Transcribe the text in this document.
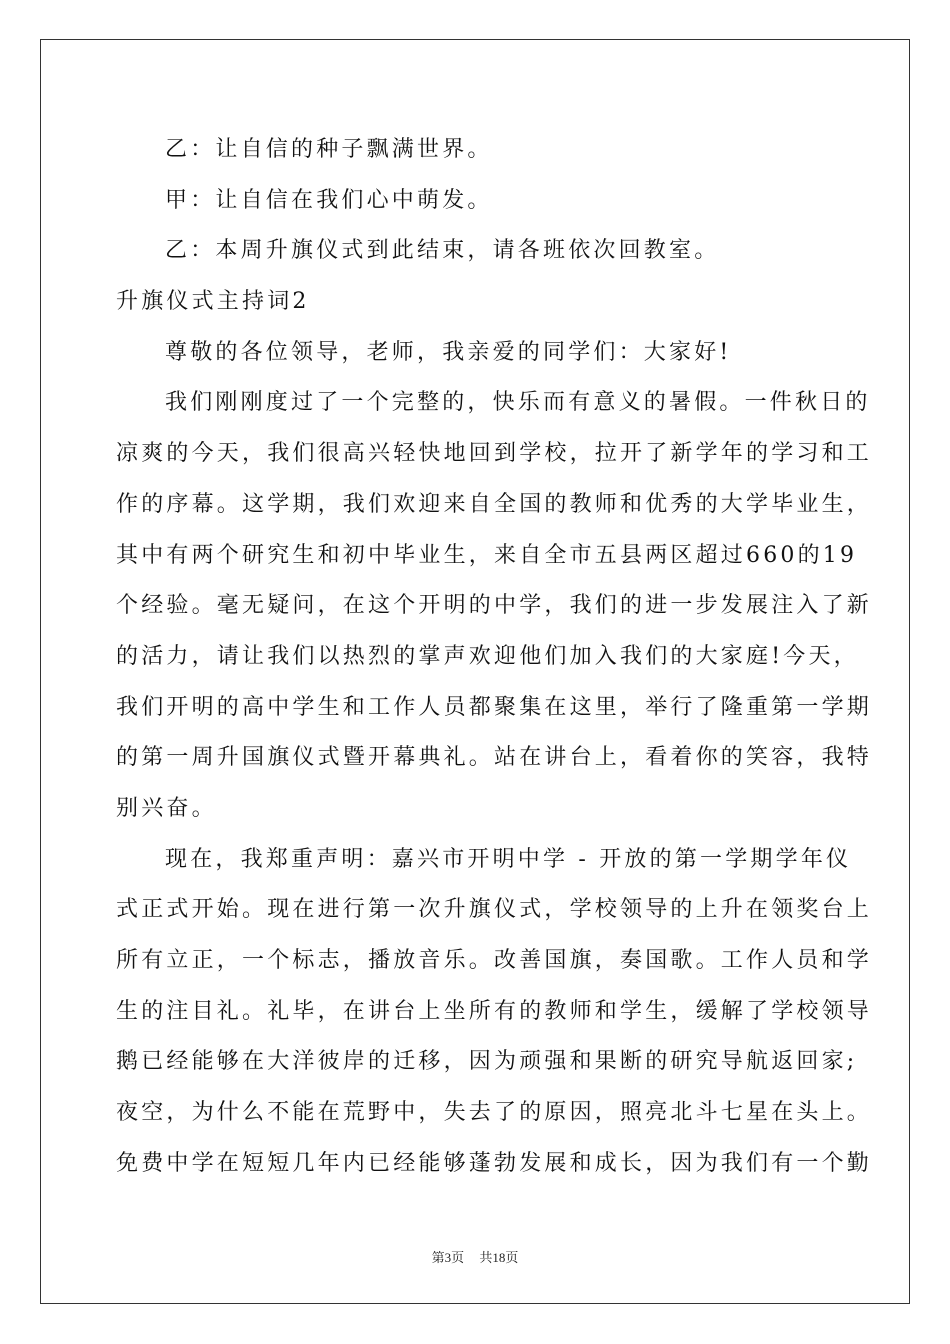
乙：让自信的种子飘满世界。
甲：让自信在我们心中萌发。
乙：本周升旗仪式到此结束，请各班依次回教室。
升旗仪式主持词2
尊敬的各位领导，老师，我亲爱的同学们：大家好!
我们刚刚度过了一个完整的，快乐而有意义的暑假。一件秋日的
凉爽的今天，我们很高兴轻快地回到学校，拉开了新学年的学习和工
作的序幕。这学期，我们欢迎来自全国的教师和优秀的大学毕业生，
其中有两个研究生和初中毕业生，来自全市五县两区超过660的19
个经验。毫无疑问，在这个开明的中学，我们的进一步发展注入了新
的活力，请让我们以热烈的掌声欢迎他们加入我们的大家庭!今天，
我们开明的高中学生和工作人员都聚集在这里，举行了隆重第一学期
的第一周升国旗仪式暨开幕典礼。站在讲台上，看着你的笑容，我特
别兴奋。
现在，我郑重声明：嘉兴市开明中学 - 开放的第一学期学年仪
式正式开始。现在进行第一次升旗仪式，学校领导的上升在领奖台上
所有立正，一个标志，播放音乐。改善国旗，奏国歌。工作人员和学
生的注目礼。礼毕，在讲台上坐所有的教师和学生，缓解了学校领导
鹅已经能够在大洋彼岸的迁移，因为顽强和果断的研究导航返回家;
夜空，为什么不能在荒野中，失去了的原因，照亮北斗七星在头上。
免费中学在短短几年内已经能够蓬勃发展和成长，因为我们有一个勤
第3页 共18页
